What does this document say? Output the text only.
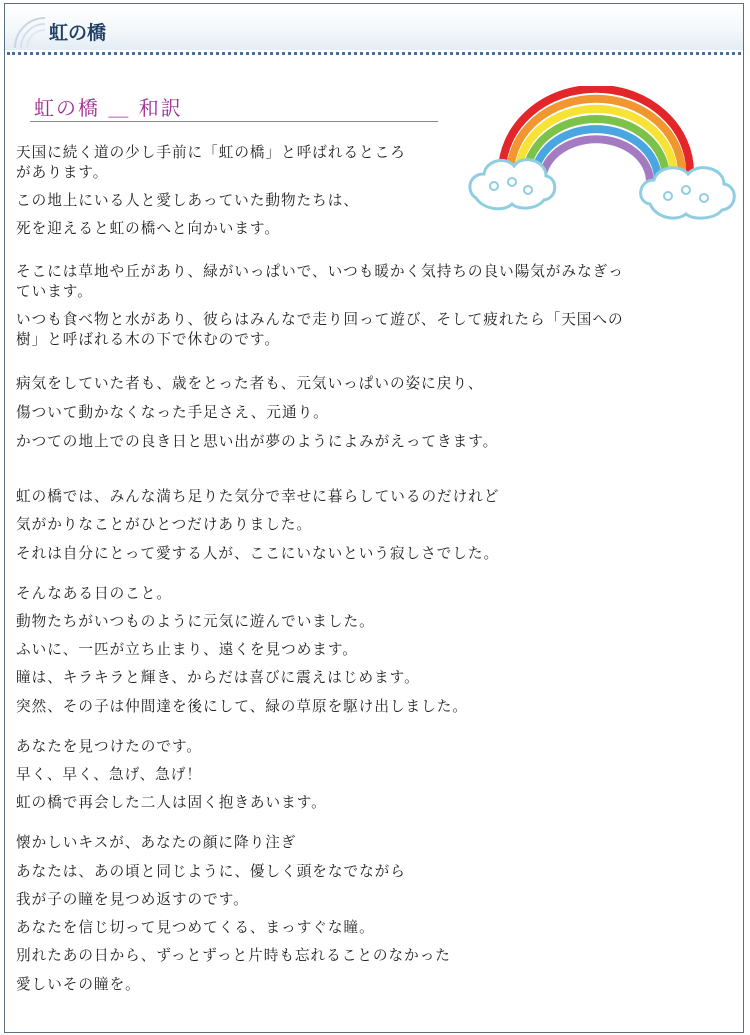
虹の橋
虹の橋 ＿ 和訳
天国に続く道の少し手前に「虹の橋」と呼ばれるところ
があります。
この地上にいる人と愛しあっていた動物たちは、
死を迎えると虹の橋へと向かいます。
そこには草地や丘があり、緑がいっぱいで、いつも暖かく気持ちの良い陽気がみなぎっ
ています。
いつも食べ物と水があり、彼らはみんなで走り回って遊び、そして疲れたら「天国への
樹」と呼ばれる木の下で休むのです。
病気をしていた者も、歳をとった者も、元気いっぱいの姿に戻り、
傷ついて動かなくなった手足さえ、元通り。
かつての地上での良き日と思い出が夢のようによみがえってきます。
虹の橋では、みんな満ち足りた気分で幸せに暮らしているのだけれど
気がかりなことがひとつだけありました。
それは自分にとって愛する人が、ここにいないという寂しさでした。
そんなある日のこと。
動物たちがいつものように元気に遊んでいました。
ふいに、一匹が立ち止まり、遠くを見つめます。
瞳は、キラキラと輝き、からだは喜びに震えはじめます。
突然、その子は仲間達を後にして、緑の草原を駆け出しました。
あなたを見つけたのです。
早く、早く、急げ、急げ！
虹の橋で再会した二人は固く抱きあいます。
懐かしいキスが、あなたの顔に降り注ぎ
あなたは、あの頃と同じように、優しく頭をなでながら
我が子の瞳を見つめ返すのです。
あなたを信じ切って見つめてくる、まっすぐな瞳。
別れたあの日から、ずっとずっと片時も忘れることのなかった
愛しいその瞳を。
